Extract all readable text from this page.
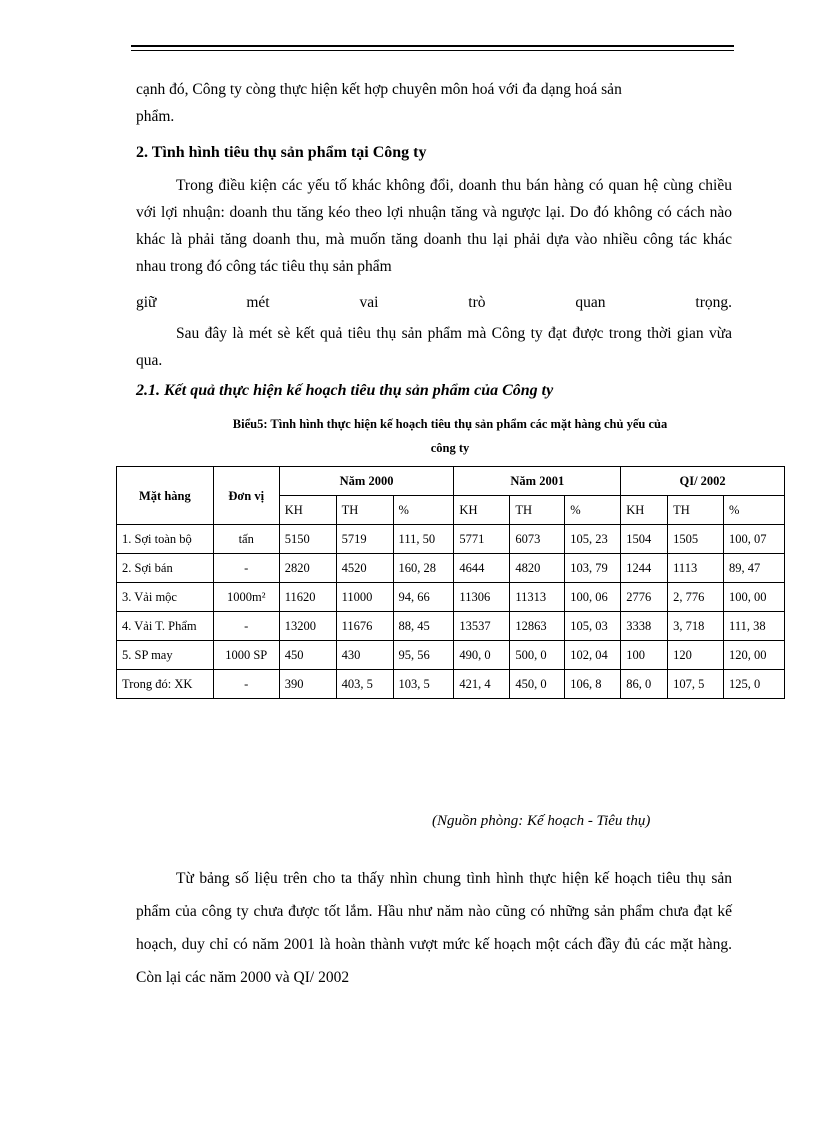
cạnh đó, Công ty còng thực hiện kết hợp chuyên môn hoá với đa dạng hoá sản
phẩm.
2. Tình hình tiêu thụ sản phẩm tại Công ty
Trong điều kiện các yếu tố khác không đổi, doanh thu bán hàng có quan hệ cùng chiều với lợi nhuận: doanh thu tăng kéo theo lợi nhuận tăng và ngược lại. Do đó không có cách nào khác là phải tăng doanh thu, mà muốn tăng doanh thu lại phải dựa vào nhiều công tác khác nhau trong đó công tác tiêu thụ sản phẩm
giữ	mét	vai	trò	quan	trọng.
Sau đây là mét sè kết quả tiêu thụ sản phẩm mà Công ty đạt được trong thời gian vừa qua.
2.1. Kết quả thực hiện kế hoạch tiêu thụ sản phẩm của Công ty
Biểu5: Tình hình thực hiện kế hoạch tiêu thụ sản phẩm các mặt hàng chủ yếu của
công ty
Mặt hàng	Đơn vị	Năm 2000			Năm 2001			QI/ 2002		
		KH	TH	%	KH	TH	%	KH	TH	%
1. Sợi toàn bộ	tấn	5150	5719	111, 50	5771	6073	105, 23	1504	1505	100, 07
2. Sợi bán	-	2820	4520	160, 28	4644	4820	103, 79	1244	1113	89, 47
3. Vải mộc	1000m²	11620	11000	94, 66	11306	11313	100, 06	2776	2, 776	100, 00
4. Vải T. Phẩm	-	13200	11676	88, 45	13537	12863	105, 03	3338	3, 718	111, 38
5. SP may	1000 SP	450	430	95, 56	490, 0	500, 0	102, 04	100	120	120, 00
Trong đó: XK	-	390	403, 5	103, 5	421, 4	450, 0	106, 8	86, 0	107, 5	125, 0
(Nguồn phòng: Kế hoạch - Tiêu thụ)
Từ bảng số liệu trên cho ta thấy nhìn chung tình hình thực hiện kế hoạch tiêu thụ sản phẩm của công ty chưa được tốt lắm. Hầu như năm nào cũng có những sản phẩm chưa đạt kế hoạch, duy chỉ có năm 2001 là hoàn thành vượt mức kế hoạch một cách đầy đủ các mặt hàng. Còn lại các năm 2000 và QI/ 2002
